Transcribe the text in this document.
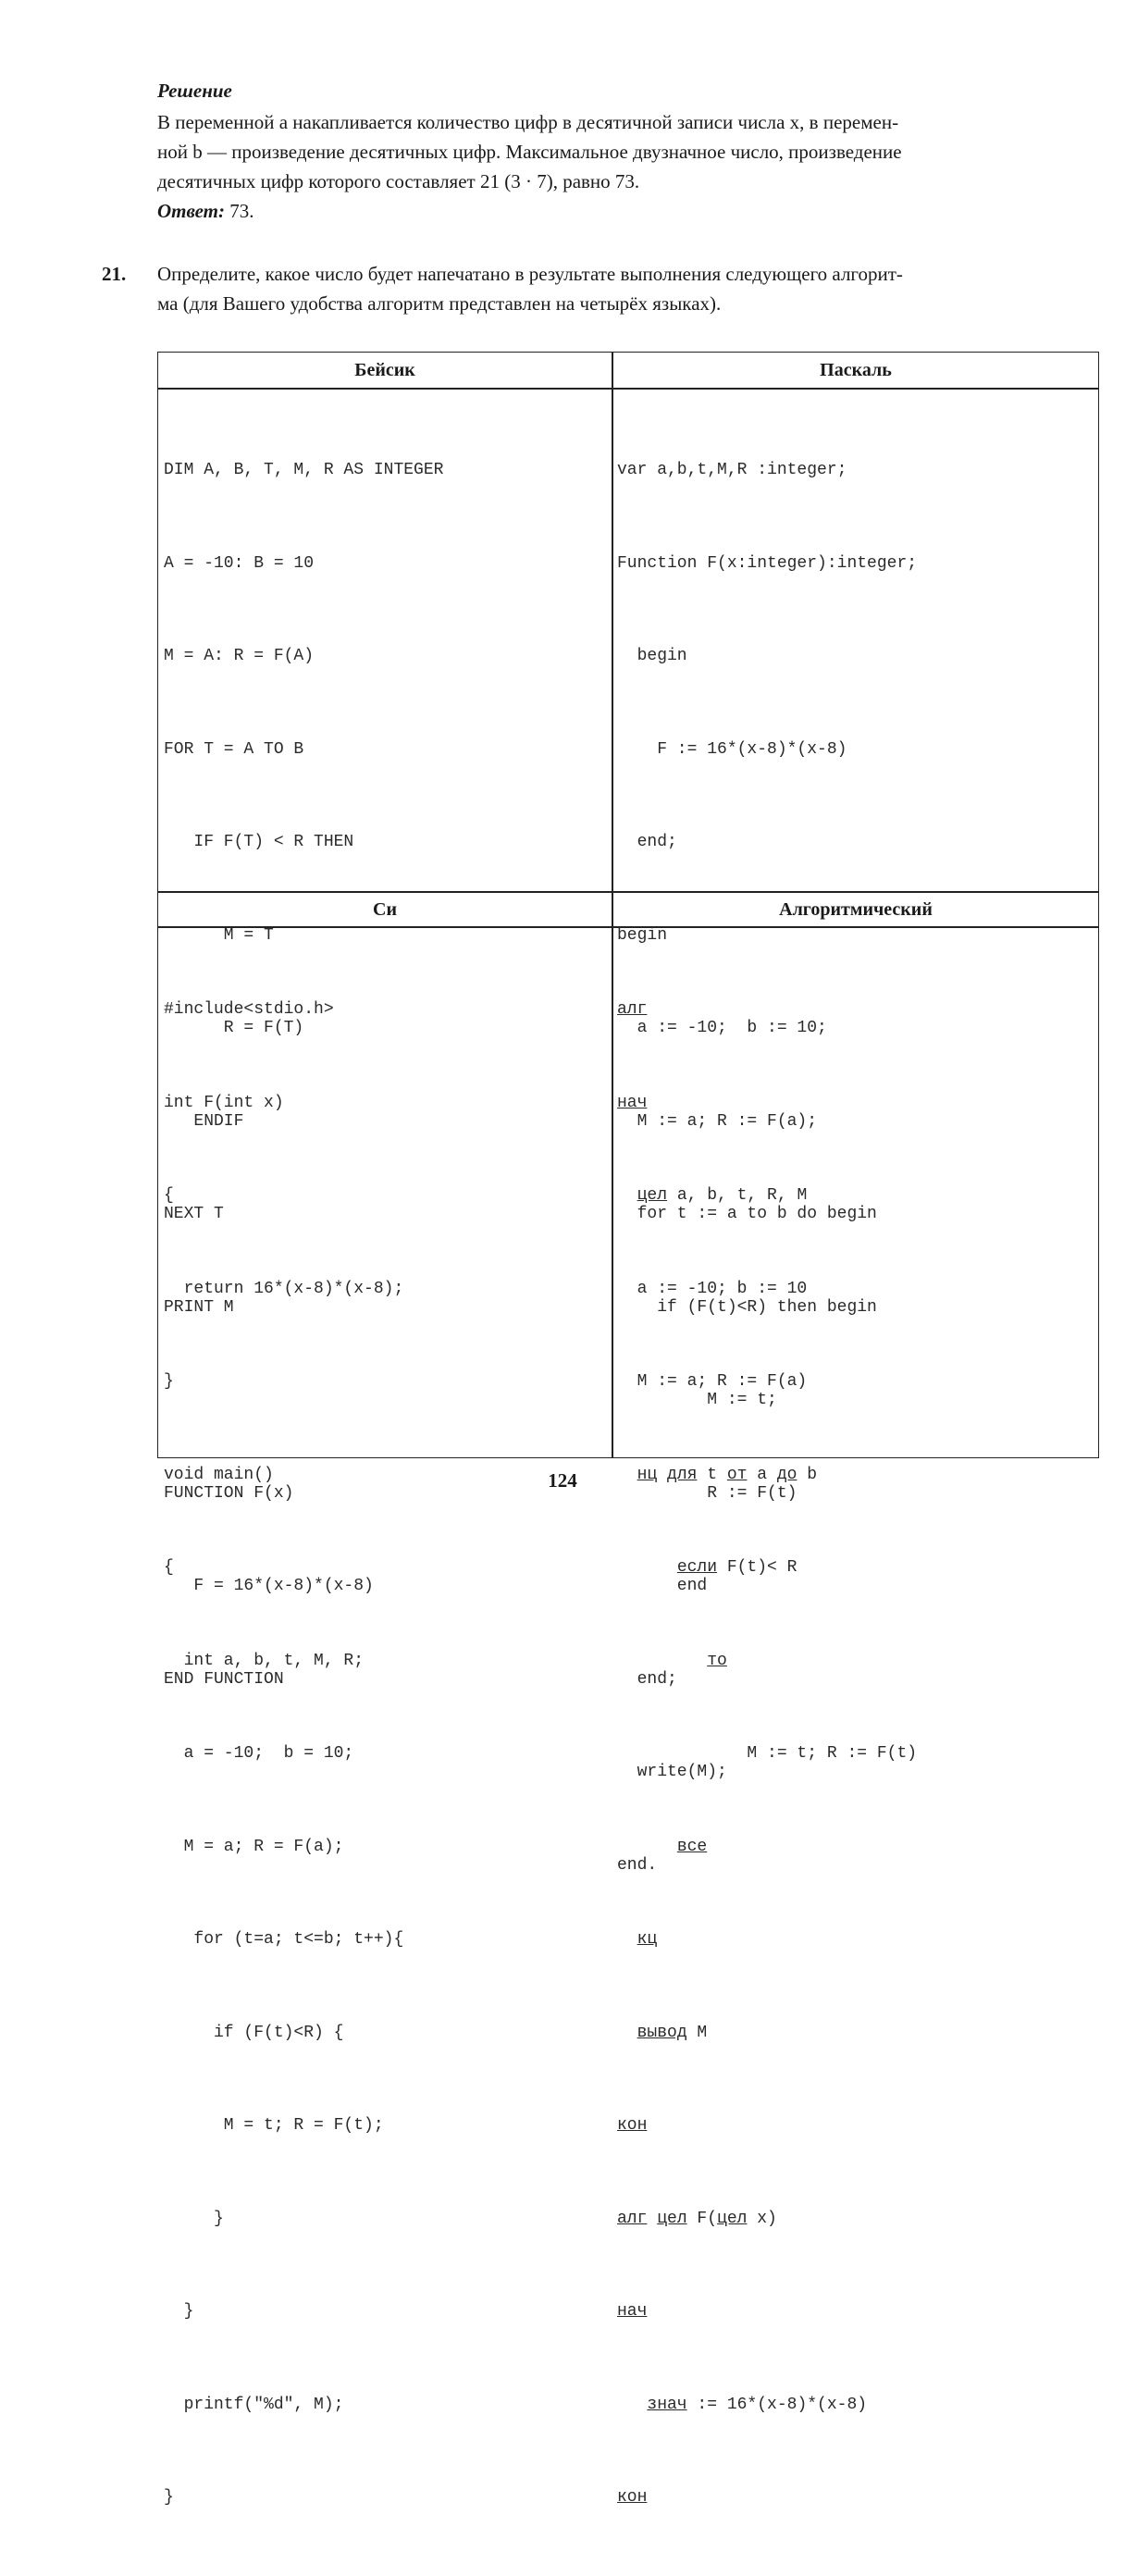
Решение
В переменной a накапливается количество цифр в десятичной записи числа x, в перемен-
ной b — произведение десятичных цифр. Максимальное двузначное число, произведение
десятичных цифр которого составляет 21 (3 · 7), равно 73.
Ответ: 73.
21. Определите, какое число будет напечатано в результате выполнения следующего алгорит-
ма (для Вашего удобства алгоритм представлен на четырёх языках).
Бейсик	Паскаль
Си	Алгоритмический

DIM A, B, T, M, R AS INTEGER

A = -10: B = 10

M = A: R = F(A)

FOR T = A TO B

IF F(T) < R THEN

M = T

R = F(T)

ENDIF

NEXT T

PRINT M

FUNCTION F(x)

F = 16*(x-8)*(x-8)

END FUNCTION

var a,b,t,M,R :integer;

Function F(x:integer):integer;

begin

F := 16*(x-8)*(x-8)

end;

begin

a := -10;  b := 10;

M := a; R := F(a);

for t := a to b do begin

if (F(t)<R) then begin

M := t;

R := F(t)

end

end;

write(M);

end.

#include<stdio.h>

int F(int x)

{

return 16*(x-8)*(x-8);

}

void main()

{

int a, b, t, M, R;

a = -10;  b = 10;

M = a; R = F(a);

for (t=a; t<=b; t++){

if (F(t)<R) {

M = t; R = F(t);

}

}

printf("%d", M);

}

алг

нач

цел a, b, t, R, M

a := -10; b := 10

M := a; R := F(a)

нц для t от a до b

если F(t)< R

то

M := t; R := F(t)

все

кц

вывод M

кон

алг цел F(цел x)

нач

знач := 16*(x-8)*(x-8)

кон

124
